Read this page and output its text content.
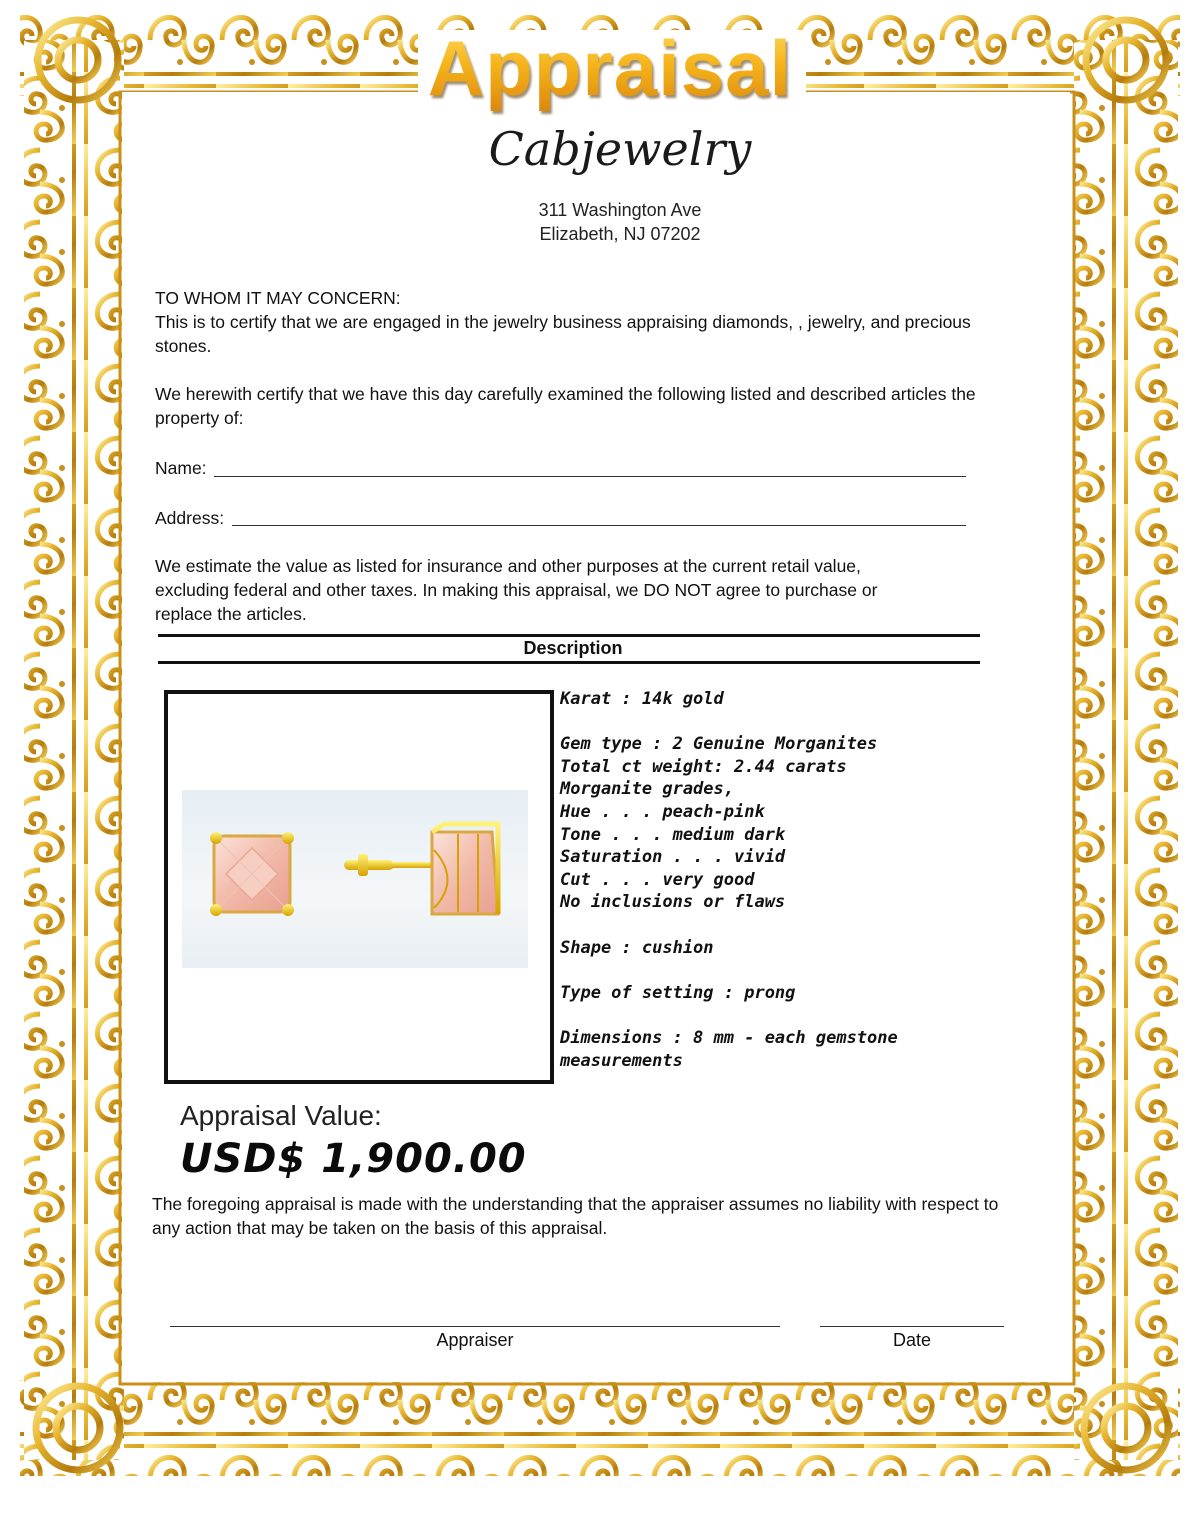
Appraisal
Cabjewelry
311 Washington Ave
Elizabeth, NJ 07202
TO WHOM IT MAY CONCERN:
This is to certify that we are engaged in the jewelry business appraising diamonds, , jewelry, and precious stones.
We herewith certify that we have this day carefully examined the following listed and described articles the property of:
Name:
Address:
We estimate the value as listed for insurance and other purposes at the current retail value, excluding federal and other taxes. In making this appraisal, we DO NOT agree to purchase or replace the articles.
Description
Karat : 14k gold
Gem type : 2 Genuine Morganites
Total ct weight: 2.44 carats
Morganite grades,
Hue . . . peach-pink
Tone . . . medium dark
Saturation . . . vivid
Cut . . . very good
No inclusions or flaws
Shape : cushion
Type of setting : prong
Dimensions : 8 mm - each gemstone
measurements
Appraisal Value:
USD$ 1,900.00
The foregoing appraisal is made with the understanding that the appraiser assumes no liability with respect to any action that may be taken on the basis of this appraisal.
Appraiser	Date
